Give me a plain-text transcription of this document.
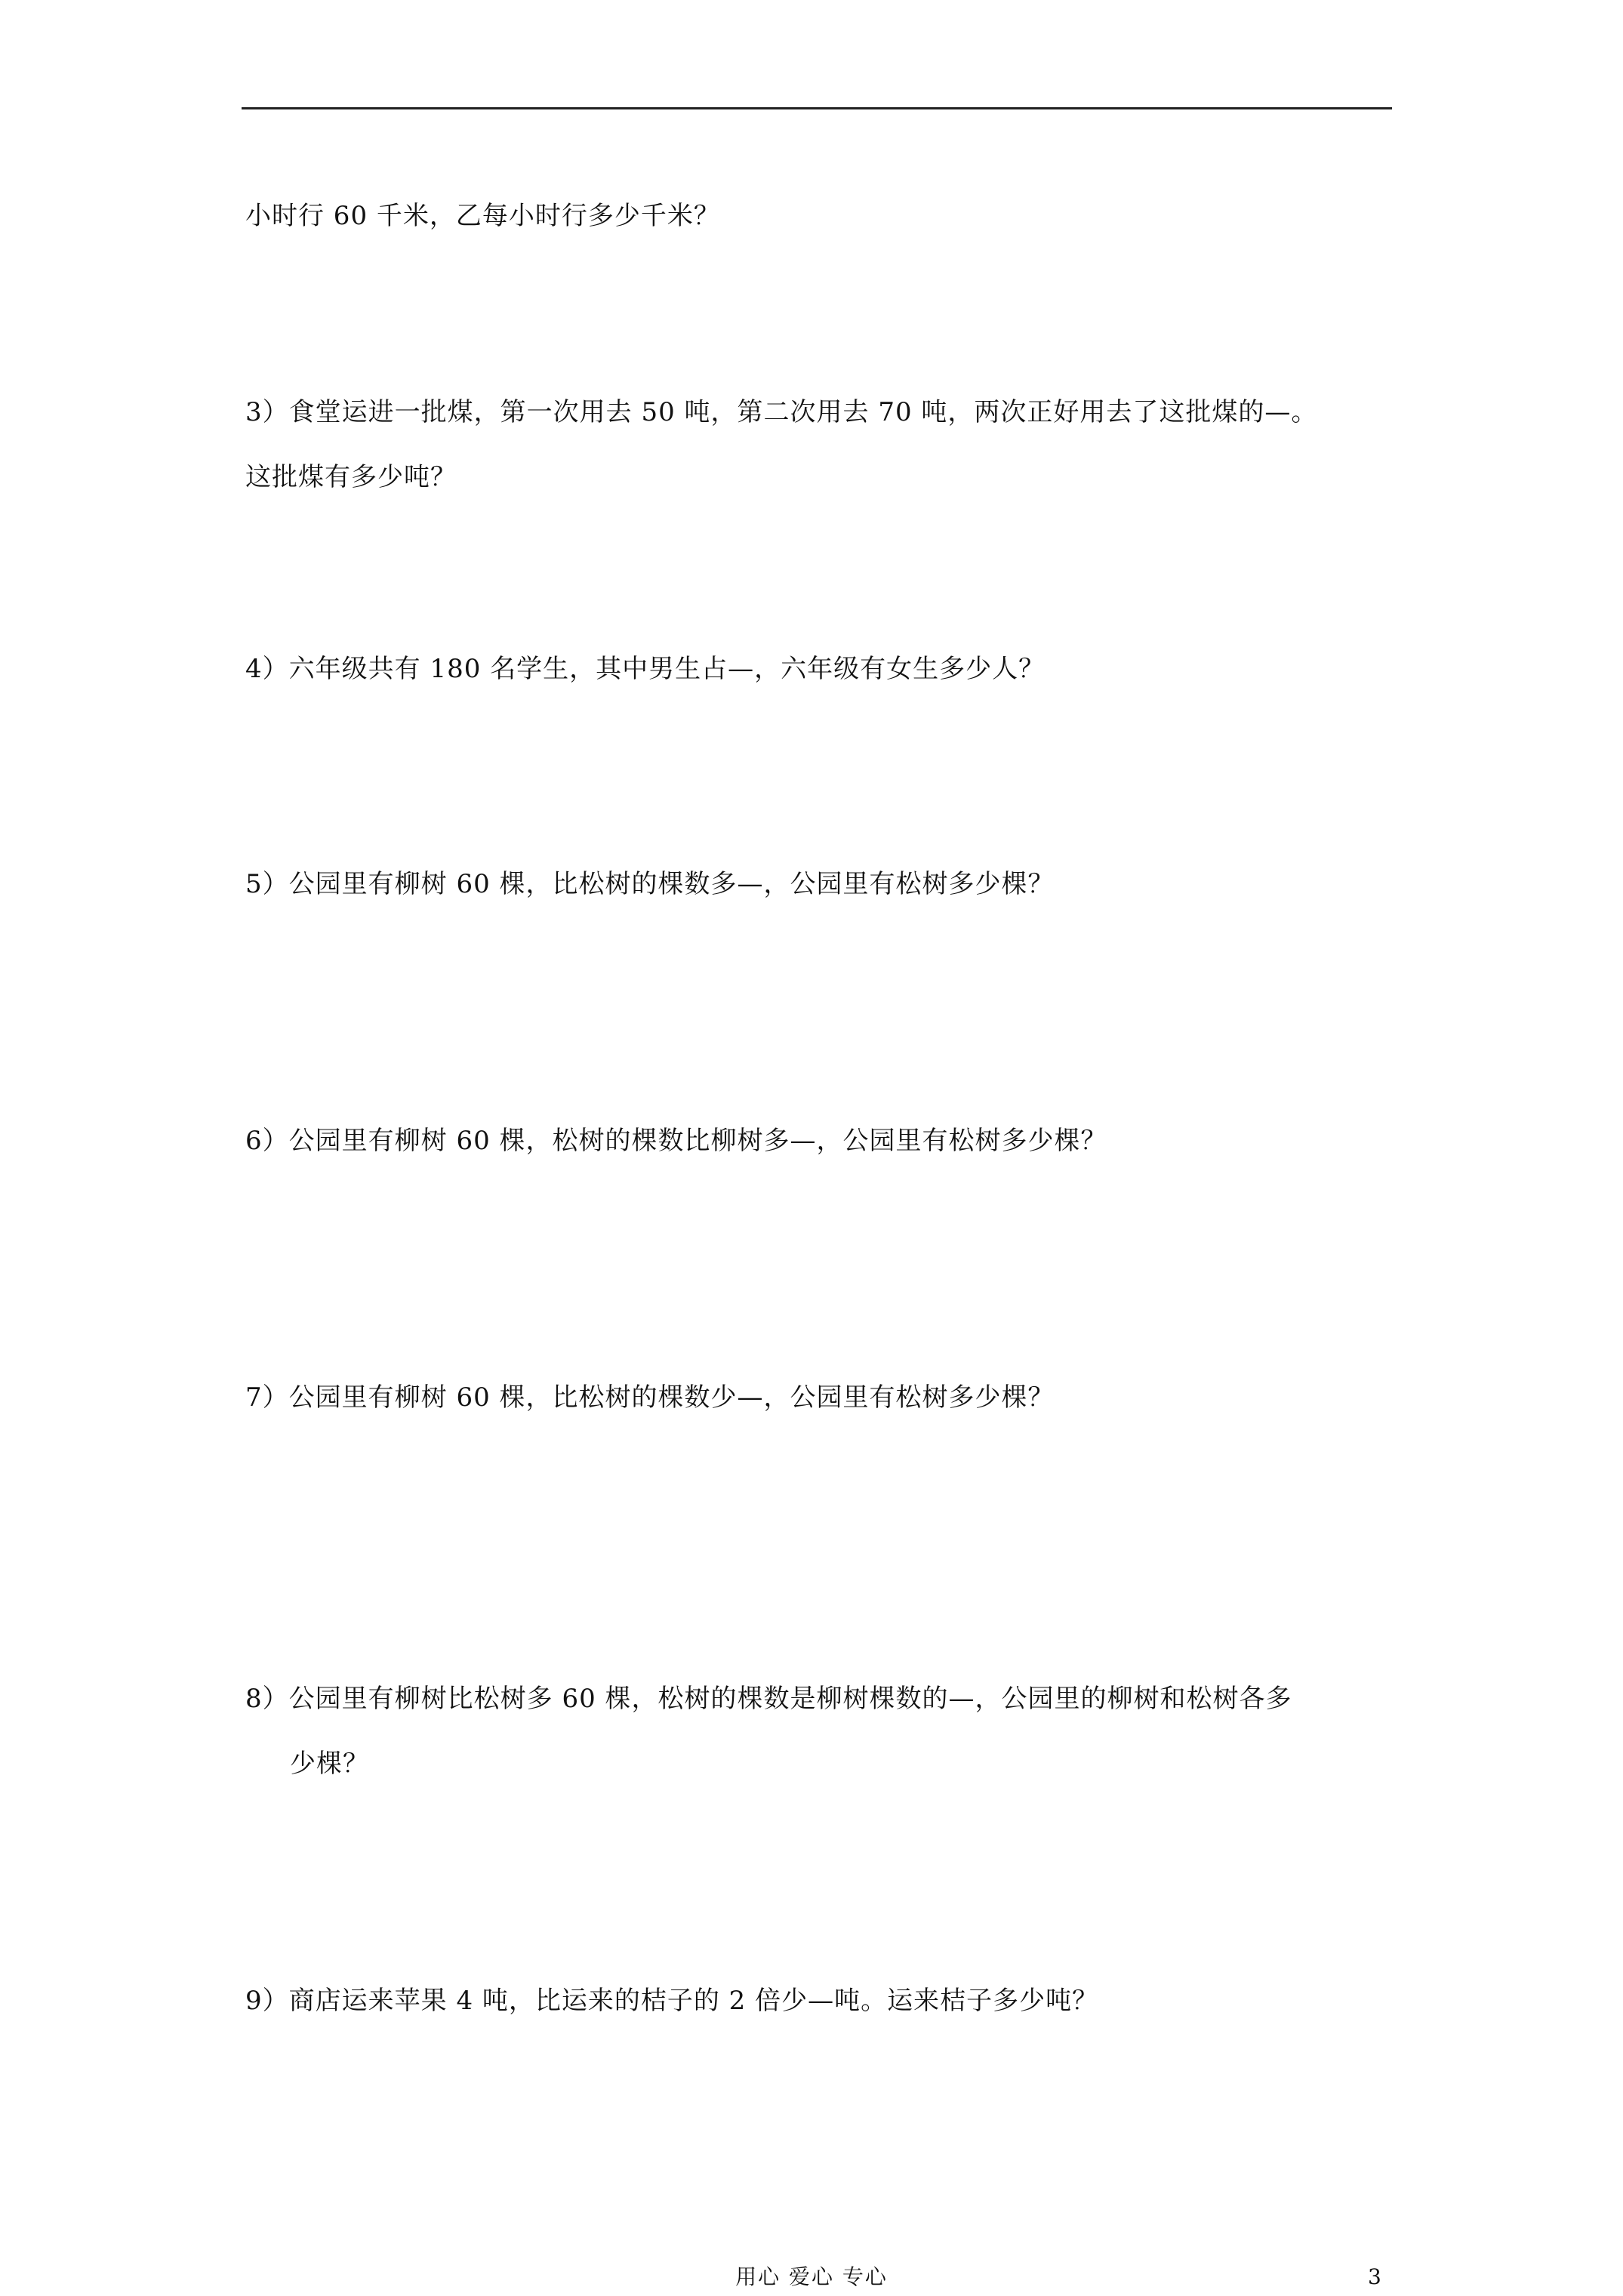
小时行 60 千米，乙每小时行多少千米？
3）食堂运进一批煤，第一次用去 50 吨，第二次用去 70 吨，两次正好用去了这批煤的—。
这批煤有多少吨？
4）六年级共有 180 名学生，其中男生占—，六年级有女生多少人？
5）公园里有柳树 60 棵，比松树的棵数多—，公园里有松树多少棵？
6）公园里有柳树 60 棵，松树的棵数比柳树多—，公园里有松树多少棵？
7）公园里有柳树 60 棵，比松树的棵数少—，公园里有松树多少棵？
8）公园里有柳树比松树多 60 棵，松树的棵数是柳树棵数的—，公园里的柳树和松树各多
少棵？
9）商店运来苹果 4 吨，比运来的桔子的 2 倍少—吨。运来桔子多少吨？
用心 爱心 专心	3
